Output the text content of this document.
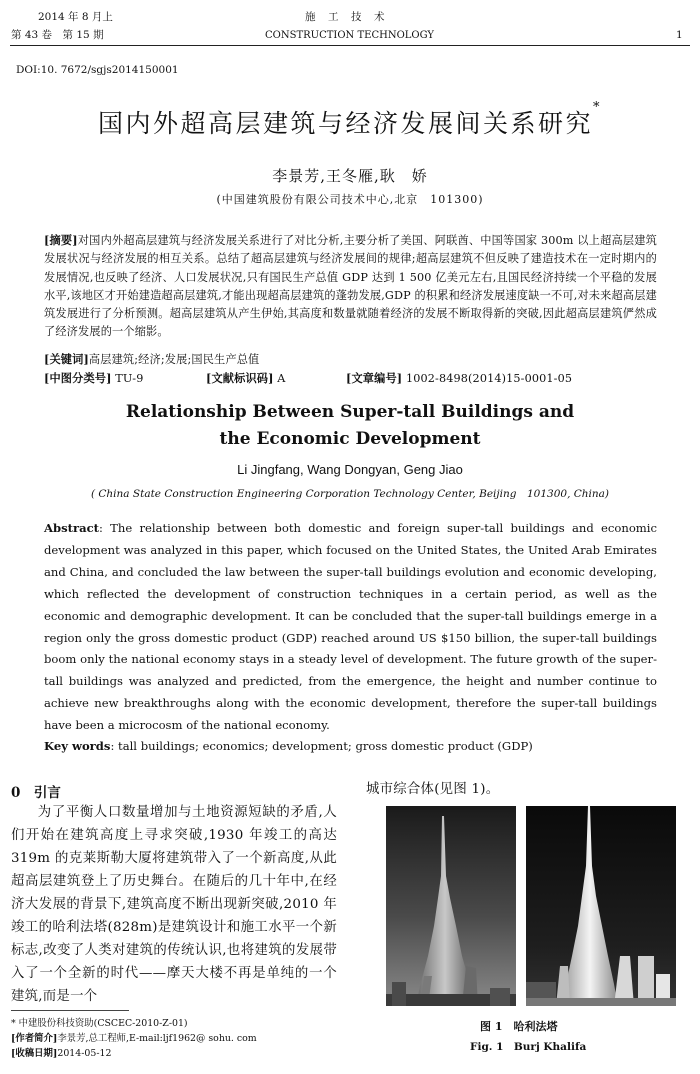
2014 年 8 月上
第 43 卷　第 15 期
施　工　技　术
CONSTRUCTION TECHNOLOGY	1
DOI:10. 7672/sgjs2014150001
国内外超高层建筑与经济发展间关系研究*
李景芳,王冬雁,耿　娇
(中国建筑股份有限公司技术中心,北京　101300)
[摘要]对国内外超高层建筑与经济发展关系进行了对比分析,主要分析了美国、阿联酋、中国等国家 300m 以上超高层建筑发展状况与经济发展的相互关系。总结了超高层建筑与经济发展间的规律;超高层建筑不但反映了建造技术在一定时期内的发展情况,也反映了经济、人口发展状况,只有国民生产总值 GDP 达到 1 500 亿美元左右,且国民经济持续一个平稳的发展水平,该地区才开始建造超高层建筑,才能出现超高层建筑的蓬勃发展,GDP 的积累和经济发展速度缺一不可,对未来超高层建筑发展进行了分析预测。超高层建筑从产生伊始,其高度和数量就随着经济的发展不断取得新的突破,因此超高层建筑俨然成了经济发展的一个缩影。
[关键词]高层建筑;经济;发展;国民生产总值
[中图分类号] TU-9	[文献标识码] A	[文章编号] 1002-8498(2014)15-0001-05
Relationship Between Super-tall Buildings and
the Economic Development
Li Jingfang, Wang Dongyan, Geng Jiao
( China State Construction Engineering Corporation Technology Center, Beijing　101300, China)
Abstract: The relationship between both domestic and foreign super-tall buildings and economic development was analyzed in this paper, which focused on the United States, the United Arab Emirates and China, and concluded the law between the super-tall buildings evolution and economic developing, which reflected the development of construction techniques in a certain period, as well as the economic and demographic development. It can be concluded that the super-tall buildings emerge in a region only the gross domestic product (GDP) reached around US $150 billion, the super-tall buildings boom only the national economy stays in a steady level of development. The future growth of the super-tall buildings was analyzed and predicted, from the emergence, the height and number continue to achieve new breakthroughs along with the economic development, therefore the super-tall buildings have been a microcosm of the national economy.
Key words: tall buildings; economics; development; gross domestic product (GDP)
0　引言
为了平衡人口数量增加与土地资源短缺的矛盾,人们开始在建筑高度上寻求突破,1930 年竣工的高达 319m 的克莱斯勒大厦将建筑带入了一个新高度,从此超高层建筑登上了历史舞台。在随后的几十年中,在经济大发展的背景下,建筑高度不断出现新突破,2010 年竣工的哈利法塔(828m)是建筑设计和施工水平一个新标志,改变了人类对建筑的传统认识,也将建筑的发展带入了一个全新的时代——摩天大楼不再是单纯的一个建筑,而是一个
* 中建股份科技资助(CSCEC-2010-Z-01)
[作者简介]李景芳,总工程师,E-mail:ljf1962@ sohu. com
[收稿日期]2014-05-12
城市综合体(见图 1)。
图 1　哈利法塔
Fig. 1　Burj Khalifa
